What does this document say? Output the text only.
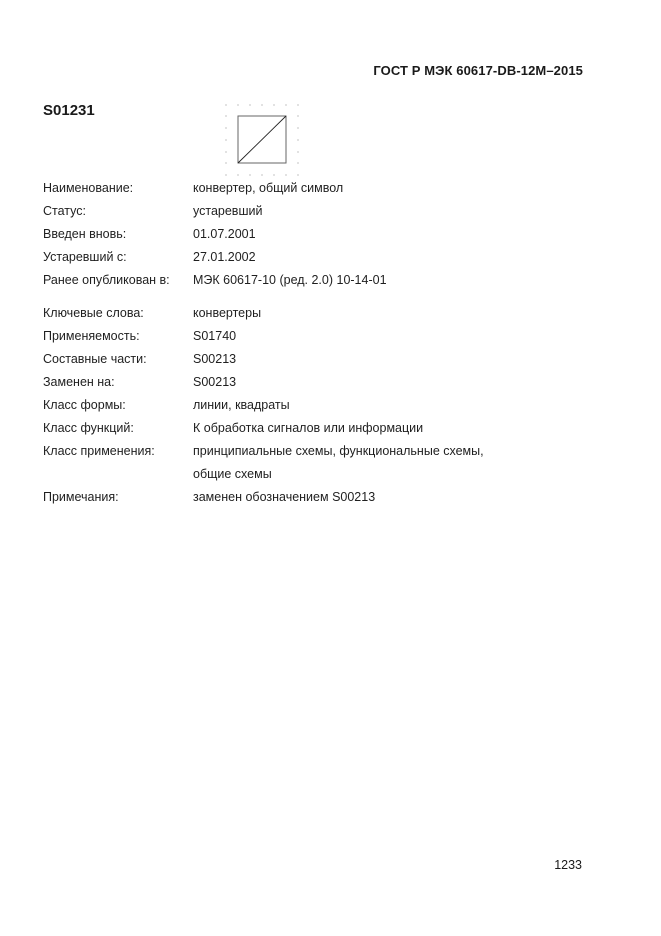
ГОСТ Р МЭК 60617-DB-12М–2015
S01231
Наименование:	конвертер, общий символ
Статус:	устаревший
Введен вновь:	01.07.2001
Устаревший с:	27.01.2002
Ранее опубликован в: МЭК 60617-10 (ред. 2.0) 10-14-01
Ключевые слова:	конвертеры
Применяемость:	S01740
Составные части:	S00213
Заменен на:	S00213
Класс формы:	линии, квадраты
Класс функций:	К обработка сигналов или информации
Класс применения:	принципиальные схемы, функциональные схемы,
общие схемы
Примечания:	заменен обозначением S00213
1233
